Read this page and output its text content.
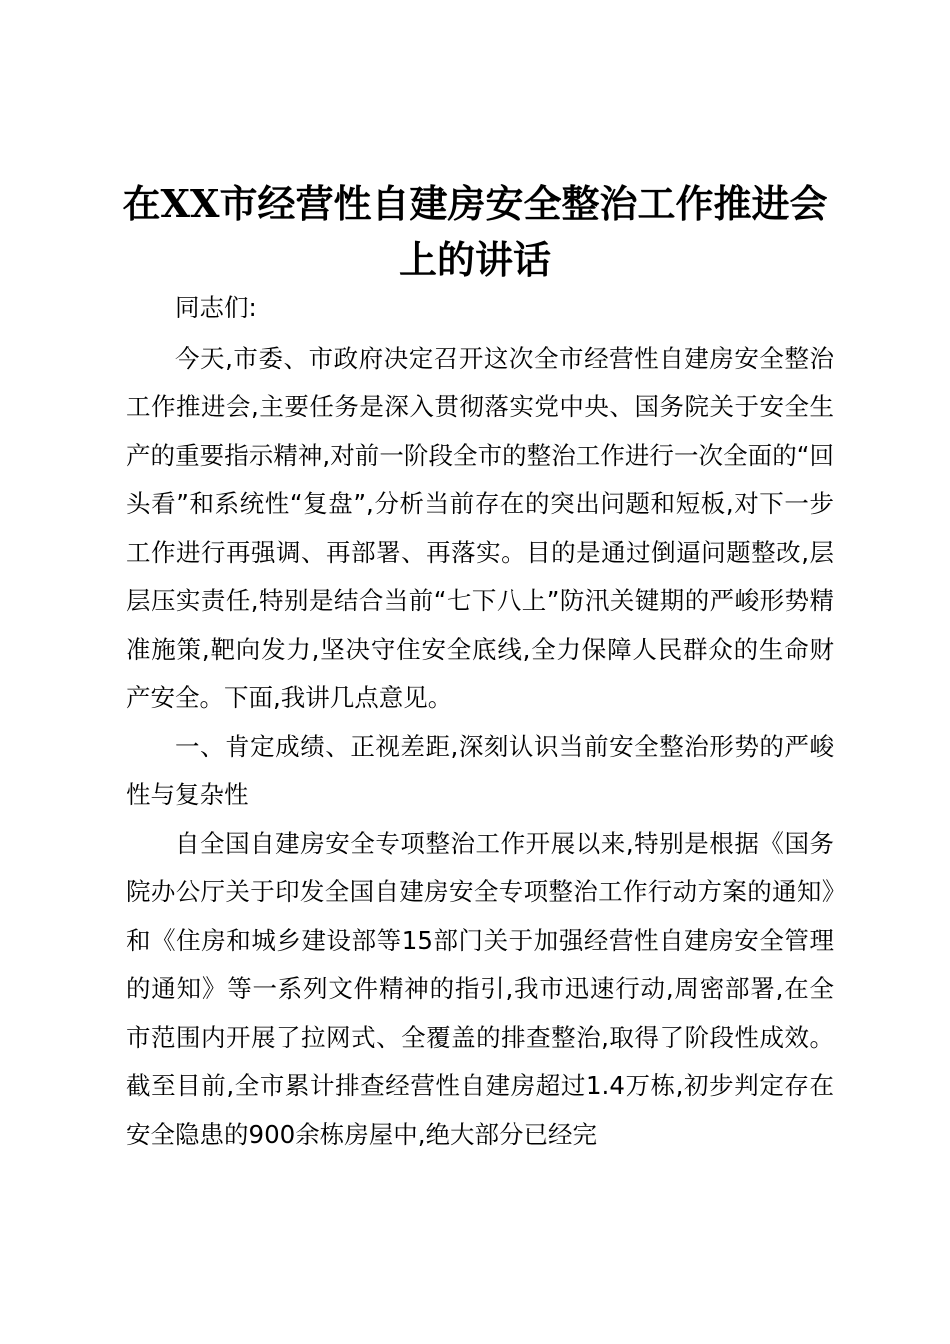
在XX市经营性自建房安全整治工作推进会上的讲话

同志们:

今天,市委、市政府决定召开这次全市经营性自建房安全整治工作推进会,主要任务是深入贯彻落实党中央、国务院关于安全生产的重要指示精神,对前一阶段全市的整治工作进行一次全面的“回头看”和系统性“复盘”,分析当前存在的突出问题和短板,对下一步工作进行再强调、再部署、再落实。目的是通过倒逼问题整改,层层压实责任,特别是结合当前“七下八上”防汛关键期的严峻形势精准施策,靶向发力,坚决守住安全底线,全力保障人民群众的生命财产安全。下面,我讲几点意见。

一、肯定成绩、正视差距,深刻认识当前安全整治形势的严峻性与复杂性

自全国自建房安全专项整治工作开展以来,特别是根据《国务院办公厅关于印发全国自建房安全专项整治工作行动方案的通知》和《住房和城乡建设部等15部门关于加强经营性自建房安全管理的通知》等一系列文件精神的指引,我市迅速行动,周密部署,在全市范围内开展了拉网式、全覆盖的排查整治,取得了阶段性成效。截至目前,全市累计排查经营性自建房超过1.4万栋,初步判定存在安全隐患的900余栋房屋中,绝大部分已经完
